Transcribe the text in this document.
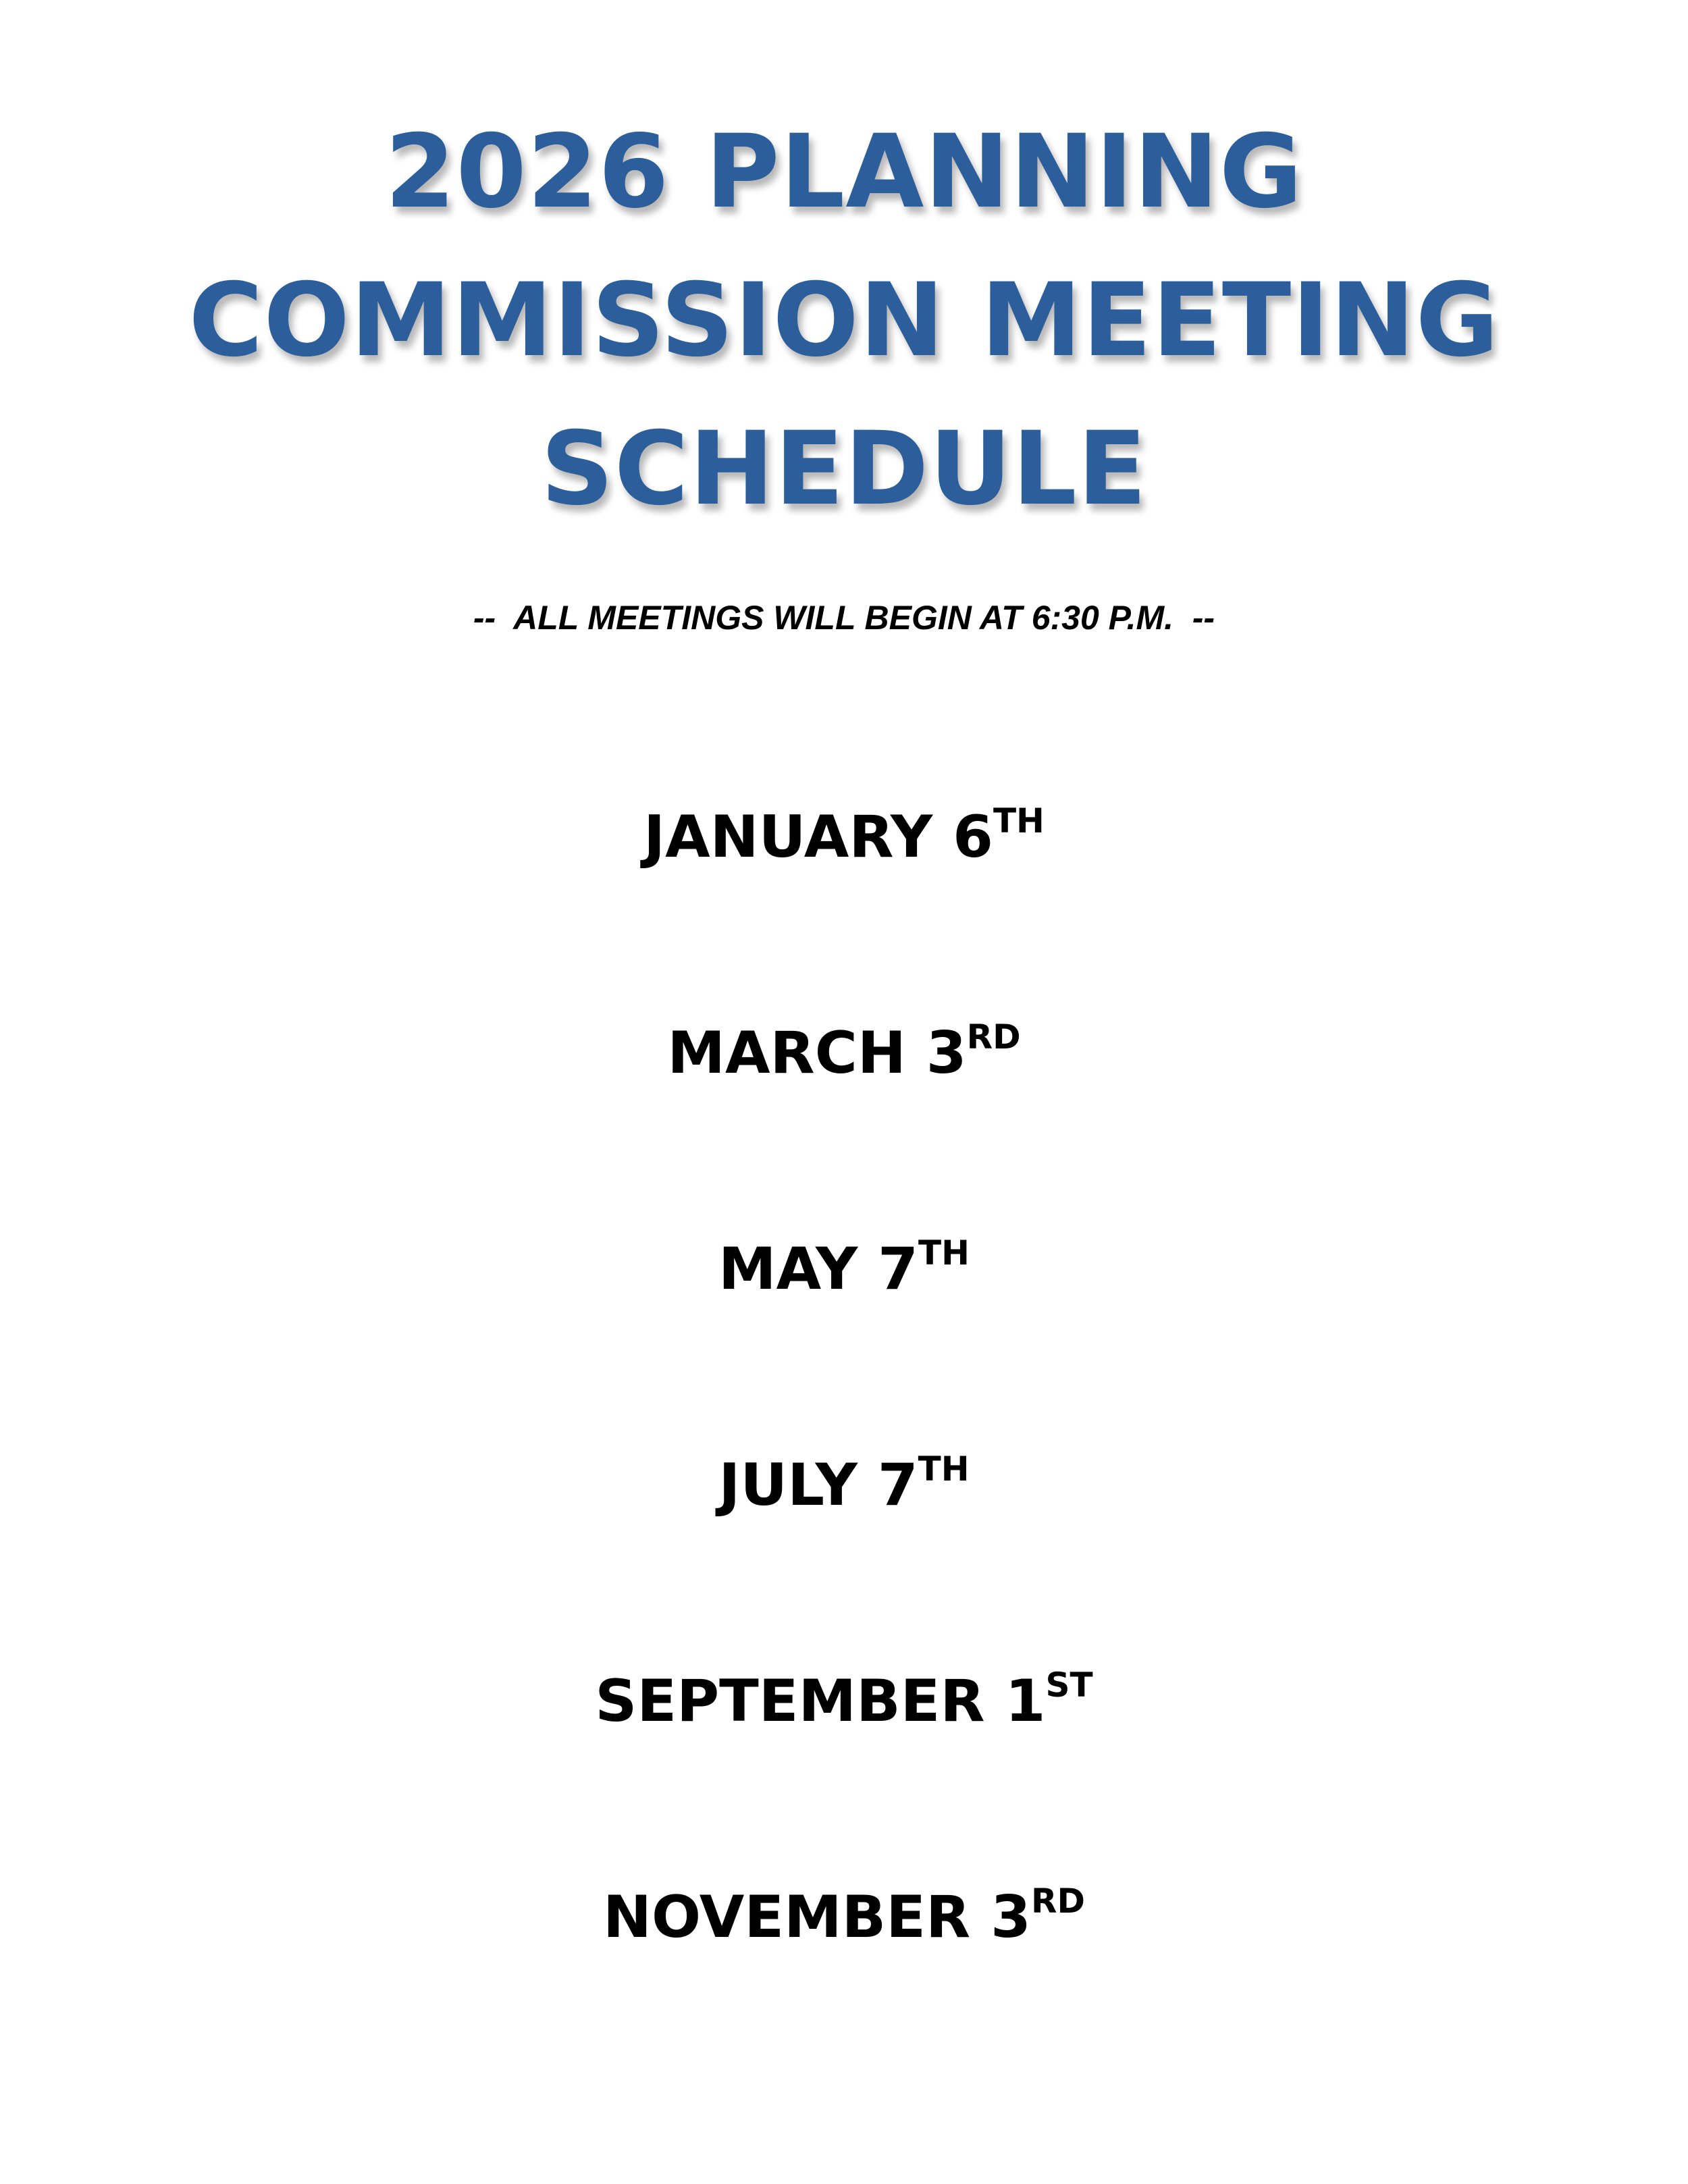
2026 PLANNING
COMMISSION MEETING
SCHEDULE
--  ALL MEETINGS WILL BEGIN AT 6:30 P.M.  --
JANUARY 6TH
MARCH 3RD
MAY 7TH
JULY 7TH
SEPTEMBER 1ST
NOVEMBER 3RD
